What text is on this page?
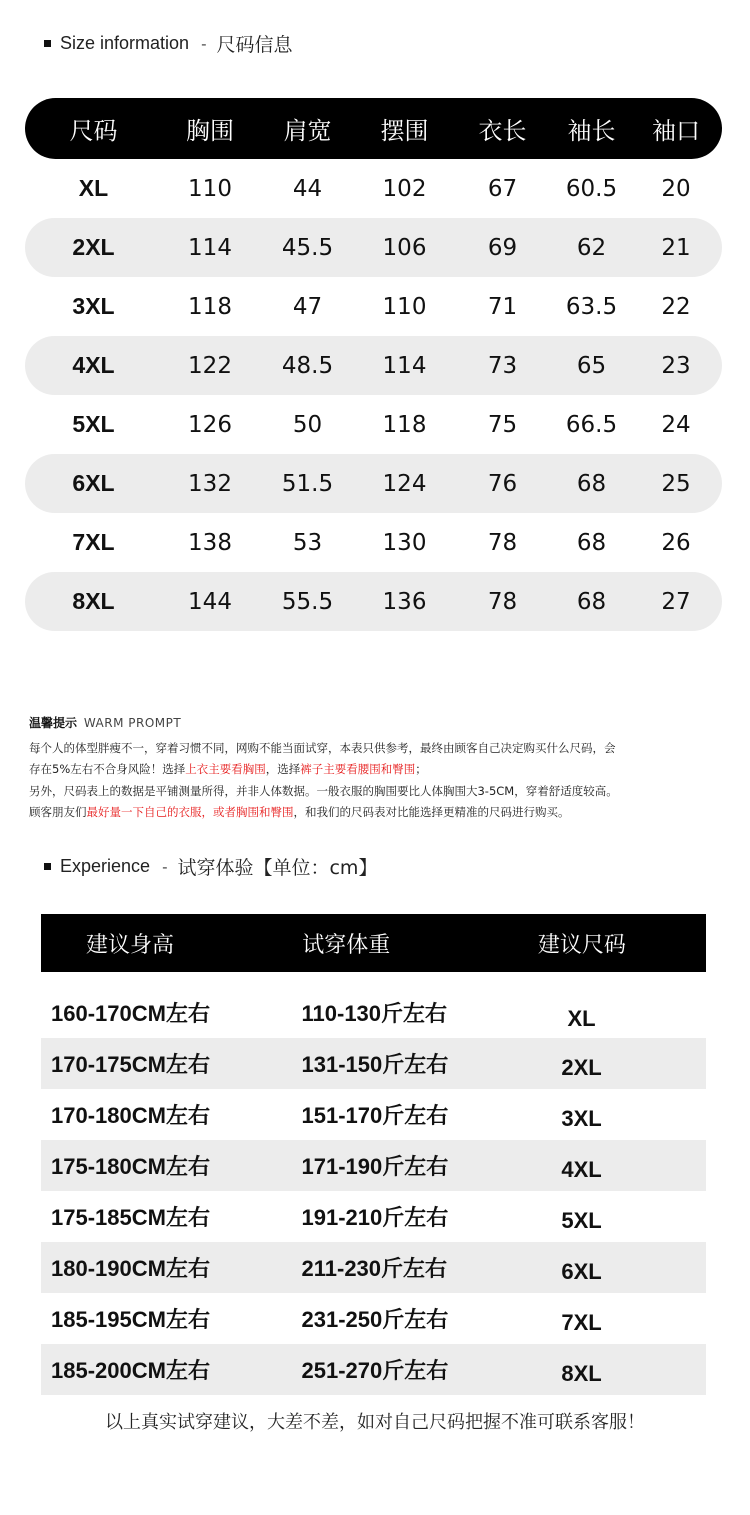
Size information - 尺码信息
尺码	胸围	肩宽	摆围	衣长	袖长	袖口
XL	110	44	102	67	60.5	20
2XL	114	45.5	106	69	62	21
3XL	118	47	110	71	63.5	22
4XL	122	48.5	114	73	65	23
5XL	126	50	118	75	66.5	24
6XL	132	51.5	124	76	68	25
7XL	138	53	130	78	68	26
8XL	144	55.5	136	78	68	27
温馨提示 WARM PROMPT
每个人的体型胖瘦不一，穿着习惯不同，网购不能当面试穿，本表只供参考，最终由顾客自己决定购买什么尺码，会
存在5%左右不合身风险！选择上衣主要看胸围，选择裤子主要看腰围和臀围；
另外，尺码表上的数据是平铺测量所得，并非人体数据。一般衣服的胸围要比人体胸围大3-5CM，穿着舒适度较高。
顾客朋友们最好量一下自己的衣服，或者胸围和臀围，和我们的尺码表对比能选择更精准的尺码进行购买。
Experience - 试穿体验【单位：cm】
建议身高	试穿体重	建议尺码
160-170CM左右	110-130斤左右	XL
170-175CM左右	131-150斤左右	2XL
170-180CM左右	151-170斤左右	3XL
175-180CM左右	171-190斤左右	4XL
175-185CM左右	191-210斤左右	5XL
180-190CM左右	211-230斤左右	6XL
185-195CM左右	231-250斤左右	7XL
185-200CM左右	251-270斤左右	8XL
以上真实试穿建议，大差不差，如对自己尺码把握不准可联系客服！
